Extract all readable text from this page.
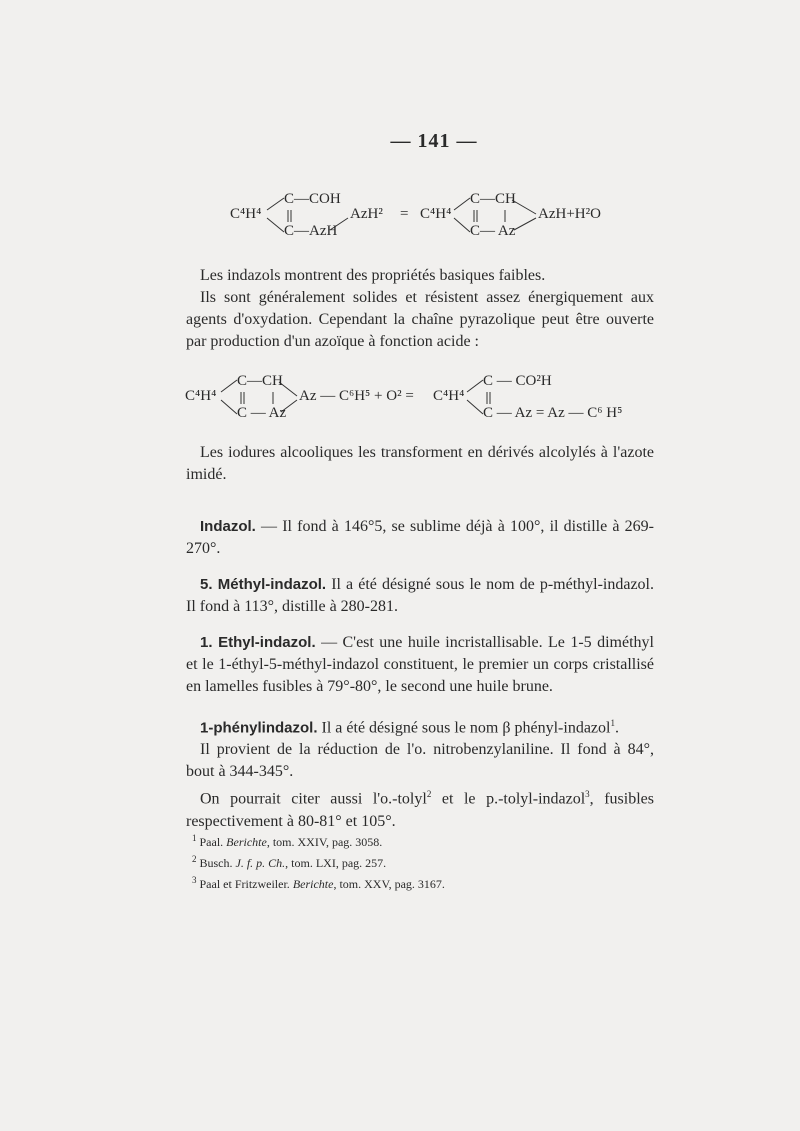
— 141 —
C⁴H⁴
C—COH
C—AzH
AzH² = C⁴H⁴
C—CH
C— Az
AzH+H²O

Les indazols montrent des propriétés basiques faibles.

Ils sont généralement solides et résistent assez énergiquement aux agents d'oxydation. Cependant la chaîne pyrazolique peut être ouverte par production d'un azoïque à fonction acide :

C⁴H⁴
C—CH
C — Az
Az — C⁶H⁵ + O² = C⁴H⁴
C — CO²H
C — Az = Az — C⁶ H⁵

Les iodures alcooliques les transforment en dérivés alcolylés à l'azote imidé.

Indazol. — Il fond à 146°5, se sublime déjà à 100°, il distille à 269-270°.

5. Méthyl-indazol. Il a été désigné sous le nom de p-méthyl-indazol. Il fond à 113°, distille à 280-281.

1. Ethyl-indazol. — C'est une huile incristallisable. Le 1-5 diméthyl et le 1-éthyl-5-méthyl-indazol constituent, le premier un corps cristallisé en lamelles fusibles à 79°-80°, le second une huile brune.

1-phénylindazol. Il a été désigné sous le nom β phényl-indazol$^1$.

Il provient de la réduction de l'o. nitrobenzylaniline. Il fond à 84°, bout à 344-345°.

On pourrait citer aussi l'o.-tolyl$^2$ et le p.-tolyl-indazol$^3$, fusibles respectivement à 80-81° et 105°.

$^1$ Paal. Berichte, tom. XXIV, pag. 3058.

$^2$ Busch. J. f. p. Ch., tom. LXI, pag. 257.

$^3$ Paal et Fritzweiler. Berichte, tom. XXV, pag. 3167.
